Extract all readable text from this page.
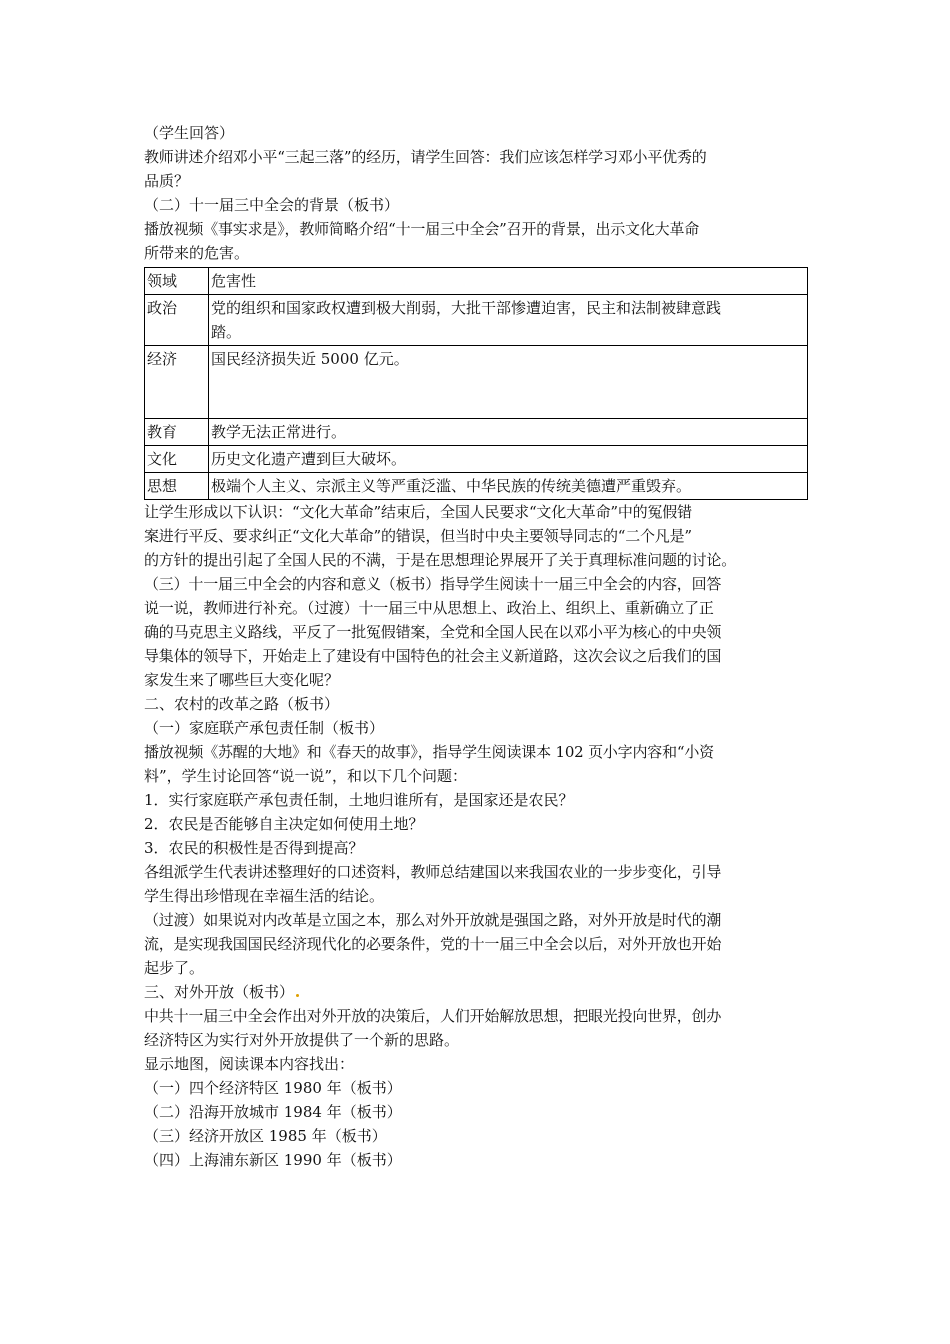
（学生回答）

教师讲述介绍邓小平“三起三落”的经历，请学生回答：我们应该怎样学习邓小平优秀的

品质？

（二）十一届三中全会的背景（板书）

播放视频《事实求是》，教师简略介绍“十一届三中全会”召开的背景，出示文化大革命

所带来的危害。

领域	危害性
政治	党的组织和国家政权遭到极大削弱，大批干部惨遭迫害，民主和法制被肆意践
踏。

经济	国民经济损失近 5000 亿元。

教育	教学无法正常进行。

文化	历史文化遗产遭到巨大破坏。

思想	极端个人主义、宗派主义等严重泛滥、中华民族的传统美德遭严重毁弃。

让学生形成以下认识：“文化大革命”结束后，全国人民要求“文化大革命”中的冤假错

案进行平反、要求纠正“文化大革命”的错误，但当时中央主要领导同志的“二个凡是”

的方针的提出引起了全国人民的不满，于是在思想理论界展开了关于真理标准问题的讨论。

（三）十一届三中全会的内容和意义（板书）指导学生阅读十一届三中全会的内容，回答

说一说，教师进行补充。（过渡）十一届三中从思想上、政治上、组织上、重新确立了正

确的马克思主义路线，平反了一批冤假错案，全党和全国人民在以邓小平为核心的中央领

导集体的领导下，开始走上了建设有中国特色的社会主义新道路，这次会议之后我们的国

家发生来了哪些巨大变化呢？

二、农村的改革之路（板书）

（一）家庭联产承包责任制（板书）

播放视频《苏醒的大地》和《春天的故事》，指导学生阅读课本 102 页小字内容和“小资

料”，学生讨论回答“说一说”，和以下几个问题：

1．实行家庭联产承包责任制，土地归谁所有，是国家还是农民？

2．农民是否能够自主决定如何使用土地？

3．农民的积极性是否得到提高？

各组派学生代表讲述整理好的口述资料，教师总结建国以来我国农业的一步步变化，引导

学生得出珍惜现在幸福生活的结论。

（过渡）如果说对内改革是立国之本，那么对外开放就是强国之路，对外开放是时代的潮

流，是实现我国国民经济现代化的必要条件，党的十一届三中全会以后，对外开放也开始

起步了。

三、对外开放（板书）

中共十一届三中全会作出对外开放的决策后，人们开始解放思想，把眼光投向世界，创办

经济特区为实行对外开放提供了一个新的思路。

显示地图，阅读课本内容找出：

（一）四个经济特区 1980 年（板书）

（二）沿海开放城市 1984 年（板书）

（三）经济开放区 1985 年（板书）

（四）上海浦东新区 1990 年（板书）
